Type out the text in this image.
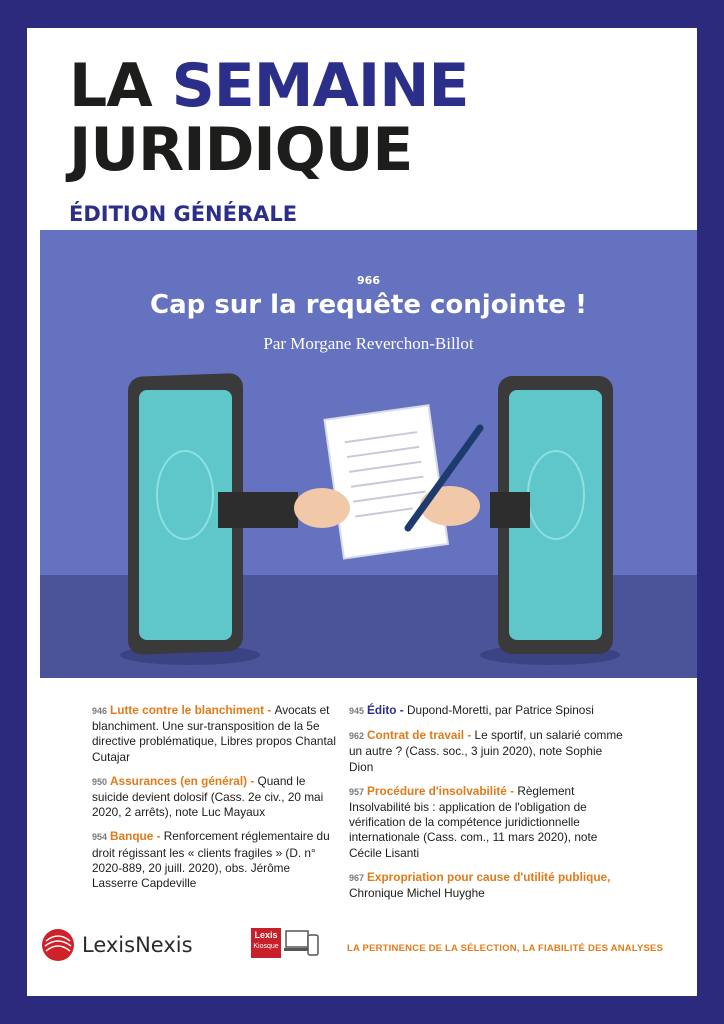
LA SEMAINE
JURIDIQUE
ÉDITION GÉNÉRALE
966
Cap sur la requête conjointe !
Par Morgane Reverchon-Billot
946 Lutte contre le blanchiment - Avocats et blanchiment. Une sur-transposition de la 5e directive problématique, Libres propos Chantal Cutajar
950 Assurances (en général) - Quand le suicide devient dolosif (Cass. 2e civ., 20 mai 2020, 2 arrêts), note Luc Mayaux
954 Banque - Renforcement réglementaire du droit régissant les « clients fragiles » (D. n° 2020-889, 20 juill. 2020), obs. Jérôme Lasserre Capdeville
945 Édito - Dupond-Moretti, par Patrice Spinosi
962 Contrat de travail - Le sportif, un salarié comme un autre ? (Cass. soc., 3 juin 2020), note Sophie Dion
957 Procédure d'insolvabilité - Règlement Insolvabilité bis : application de l'obligation de vérification de la compétence juridictionnelle internationale (Cass. com., 11 mars 2020), note Cécile Lisanti
967 Expropriation pour cause d'utilité publique, Chronique Michel Huyghe
LexisNexis	Lexis
Kiosque	LA PERTINENCE DE LA SÉLECTION, LA FIABILITÉ DES ANALYSES
